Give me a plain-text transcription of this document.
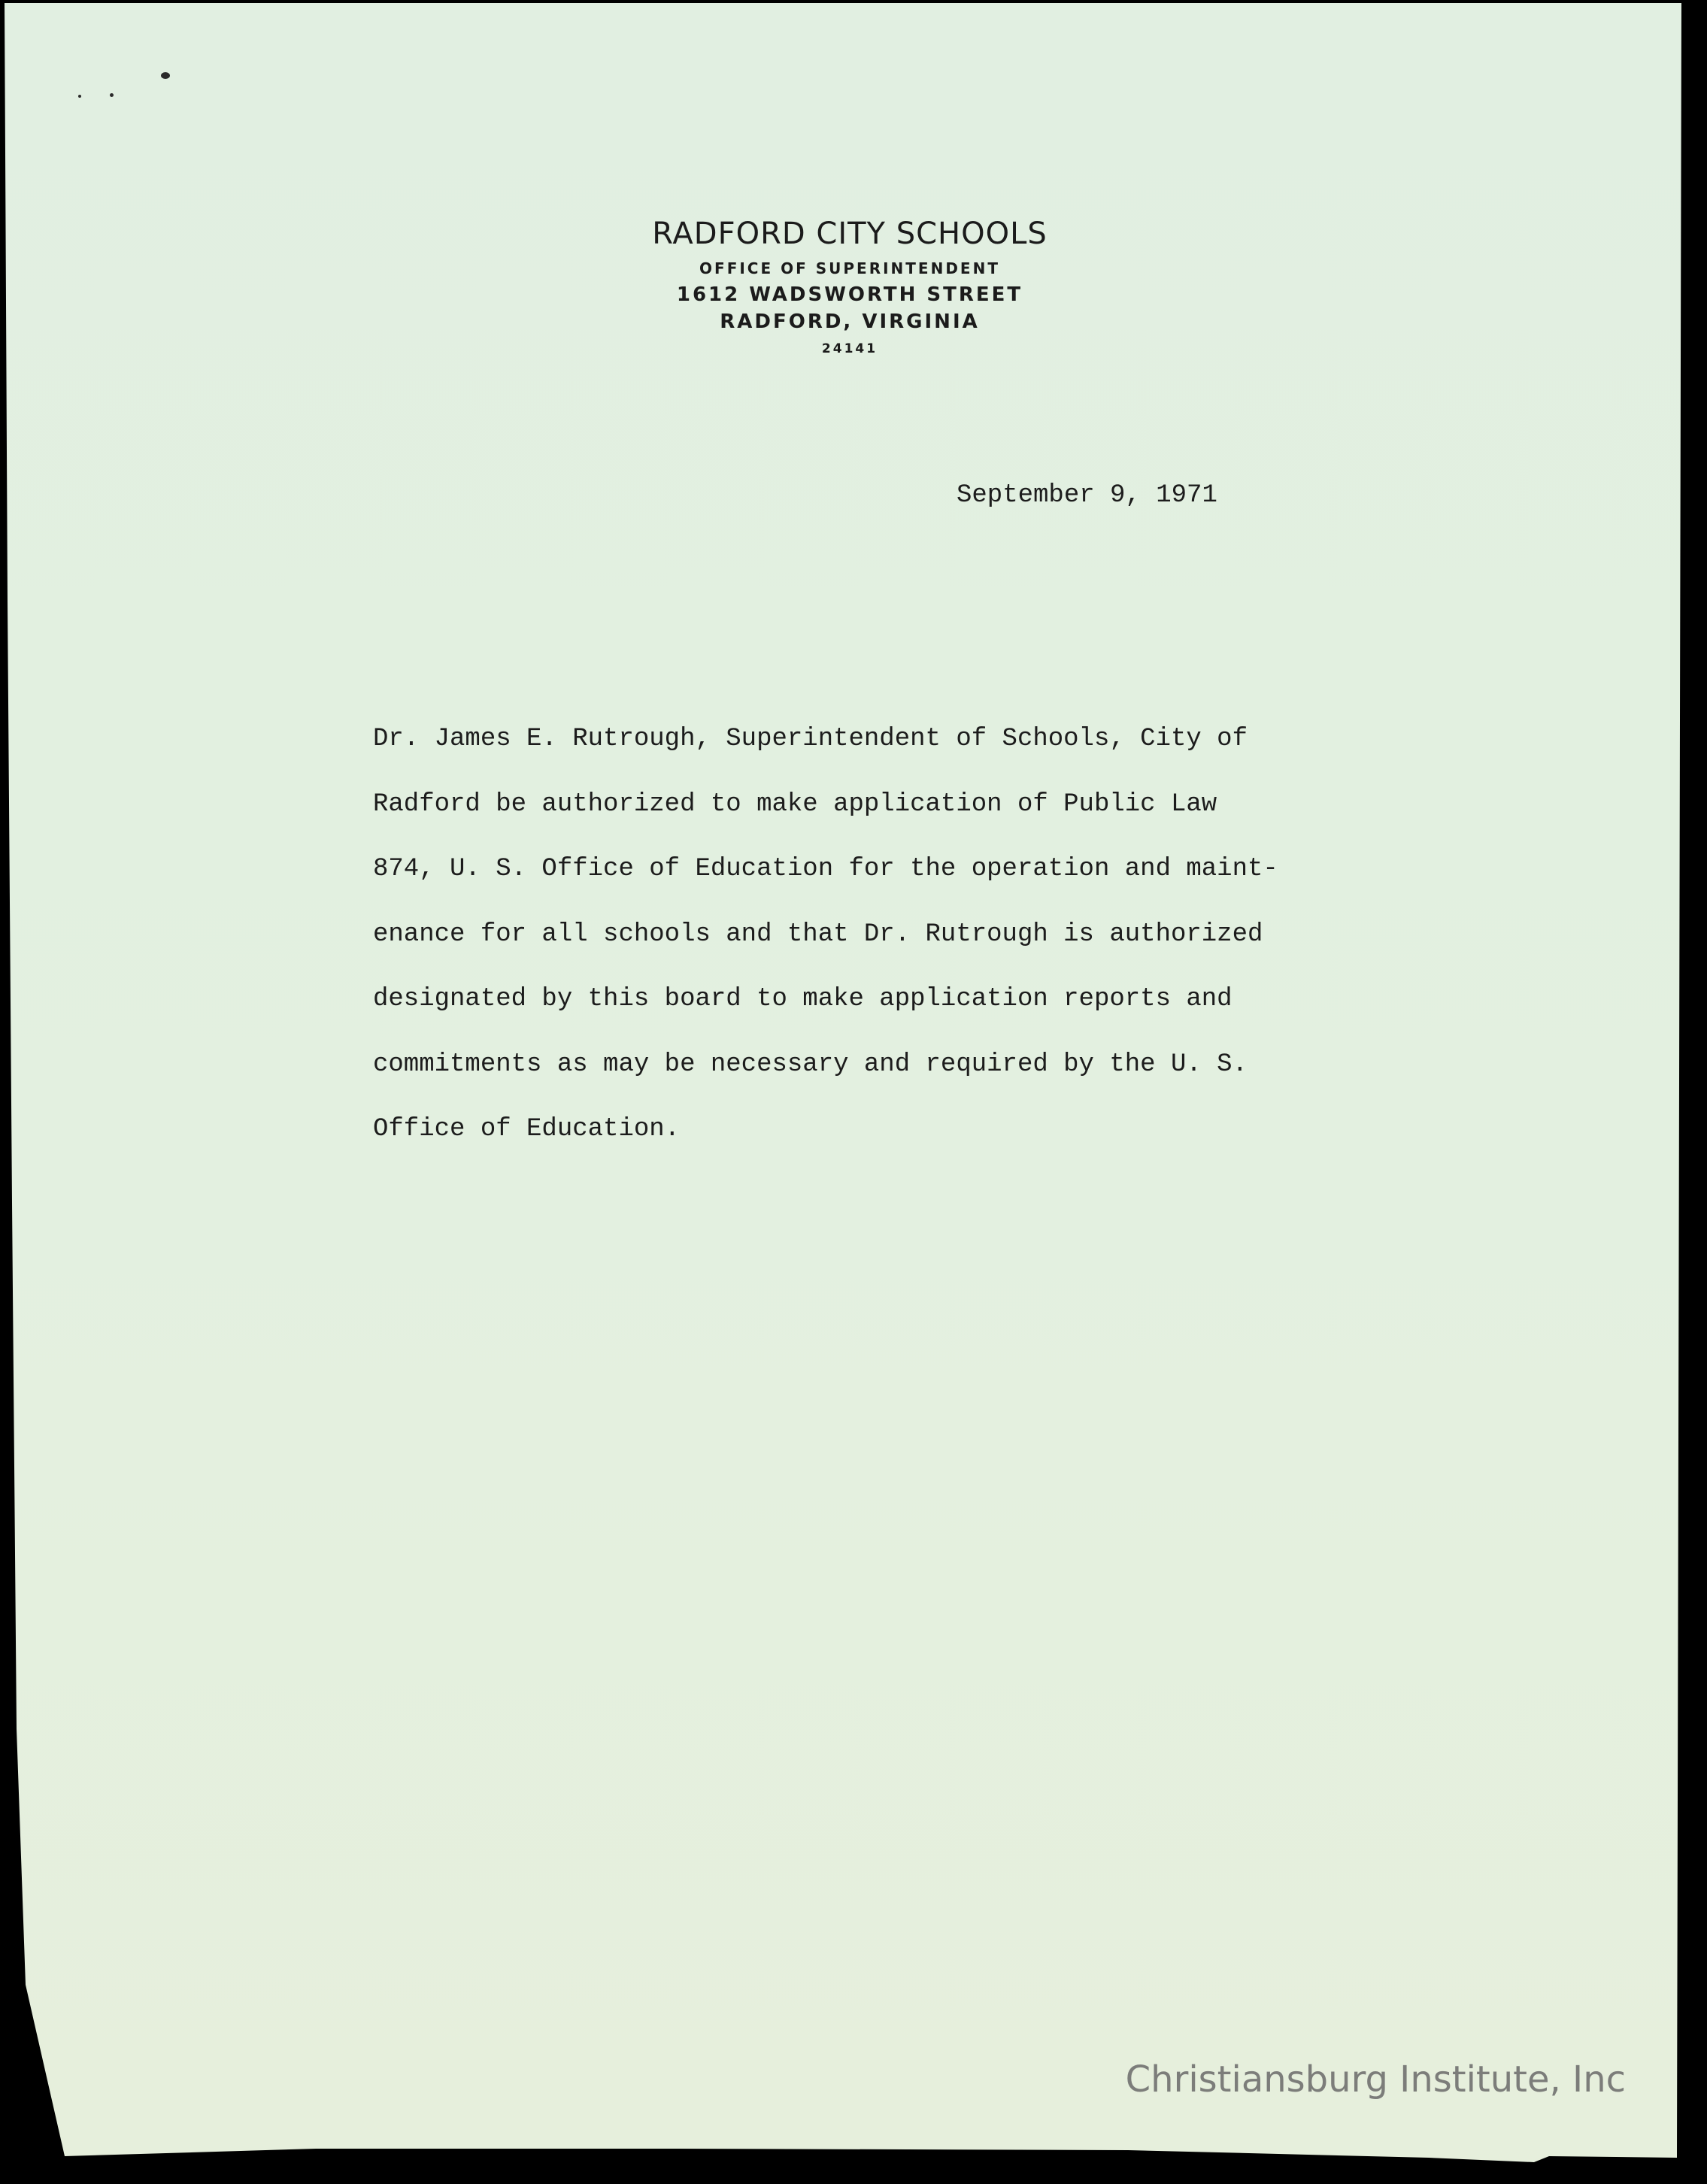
RADFORD CITY SCHOOLS
OFFICE OF SUPERINTENDENT
1612 WADSWORTH STREET
RADFORD, VIRGINIA
24141
September 9, 1971
Dr. James E. Rutrough, Superintendent of Schools, City of
Radford be authorized to make application of Public Law
874, U. S. Office of Education for the operation and maint-
enance for all schools and that Dr. Rutrough is authorized
designated by this board to make application reports and
commitments as may be necessary and required by the U. S.
Office of Education.
Christiansburg Institute, Inc
